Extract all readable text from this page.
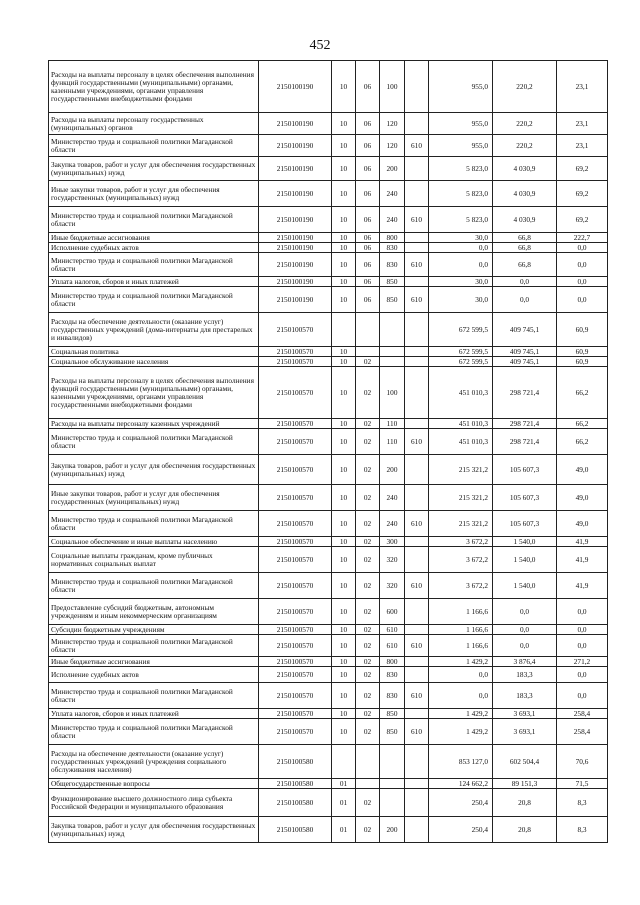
452
Расходы на выплаты персоналу в целях обеспечения выполнения функций государственными (муниципальными) органами, казенными учреждениями, органами управления государственными внебюджетными фондами	2150100190	10	06	100		955,0	220,2	23,1
Расходы на выплаты персоналу государственных (муниципальных) органов	2150100190	10	06	120		955,0	220,2	23,1
Министерство труда и социальной политики Магаданской области	2150100190	10	06	120	610	955,0	220,2	23,1
Закупка товаров, работ и услуг для обеспечения государственных (муниципальных) нужд	2150100190	10	06	200		5 823,0	4 030,9	69,2
Иные закупки товаров, работ и услуг для обеспечения государственных (муниципальных) нужд	2150100190	10	06	240		5 823,0	4 030,9	69,2
Министерство труда и социальной политики Магаданской области	2150100190	10	06	240	610	5 823,0	4 030,9	69,2
Иные бюджетные ассигнования	2150100190	10	06	800		30,0	66,8	222,7
Исполнение судебных актов	2150100190	10	06	830		0,0	66,8	0,0
Министерство труда и социальной политики Магаданской области	2150100190	10	06	830	610	0,0	66,8	0,0
Уплата налогов, сборов и иных платежей	2150100190	10	06	850		30,0	0,0	0,0
Министерство труда и социальной политики Магаданской области	2150100190	10	06	850	610	30,0	0,0	0,0
Расходы на обеспечение деятельности (оказание услуг) государственных учреждений (дома-интернаты для престарелых и инвалидов)	2150100570					672 599,5	409 745,1	60,9
Социальная политика	2150100570	10				672 599,5	409 745,1	60,9
Социальное обслуживание населения	2150100570	10	02			672 599,5	409 745,1	60,9
Расходы на выплаты персоналу в целях обеспечения выполнения функций государственными (муниципальными) органами, казенными учреждениями, органами управления государственными внебюджетными фондами	2150100570	10	02	100		451 010,3	298 721,4	66,2
Расходы на выплаты персоналу казенных учреждений	2150100570	10	02	110		451 010,3	298 721,4	66,2
Министерство труда и социальной политики Магаданской области	2150100570	10	02	110	610	451 010,3	298 721,4	66,2
Закупка товаров, работ и услуг для обеспечения государственных (муниципальных) нужд	2150100570	10	02	200		215 321,2	105 607,3	49,0
Иные закупки товаров, работ и услуг для обеспечения государственных (муниципальных) нужд	2150100570	10	02	240		215 321,2	105 607,3	49,0
Министерство труда и социальной политики Магаданской области	2150100570	10	02	240	610	215 321,2	105 607,3	49,0
Социальное обеспечение и иные выплаты населению	2150100570	10	02	300		3 672,2	1 540,0	41,9
Социальные выплаты гражданам, кроме публичных нормативных социальных выплат	2150100570	10	02	320		3 672,2	1 540,0	41,9
Министерство труда и социальной политики Магаданской области	2150100570	10	02	320	610	3 672,2	1 540,0	41,9
Предоставление субсидий бюджетным, автономным учреждениям и иным некоммерческим организациям	2150100570	10	02	600		1 166,6	0,0	0,0
Субсидии бюджетным учреждениям	2150100570	10	02	610		1 166,6	0,0	0,0
Министерство труда и социальной политики Магаданской области	2150100570	10	02	610	610	1 166,6	0,0	0,0
Иные бюджетные ассигнования	2150100570	10	02	800		1 429,2	3 876,4	271,2
Исполнение судебных актов	2150100570	10	02	830		0,0	183,3	0,0
Министерство труда и социальной политики Магаданской области	2150100570	10	02	830	610	0,0	183,3	0,0
Уплата налогов, сборов и иных платежей	2150100570	10	02	850		1 429,2	3 693,1	258,4
Министерство труда и социальной политики Магаданской области	2150100570	10	02	850	610	1 429,2	3 693,1	258,4
Расходы на обеспечение деятельности (оказание услуг) государственных учреждений (учреждения социального обслуживания населения)	2150100580					853 127,0	602 504,4	70,6
Общегосударственные вопросы	2150100580	01				124 662,2	89 151,3	71,5
Функционирование высшего должностного лица субъекта Российской Федерации и муниципального образования	2150100580	01	02			250,4	20,8	8,3
Закупка товаров, работ и услуг для обеспечения государственных (муниципальных) нужд	2150100580	01	02	200		250,4	20,8	8,3
